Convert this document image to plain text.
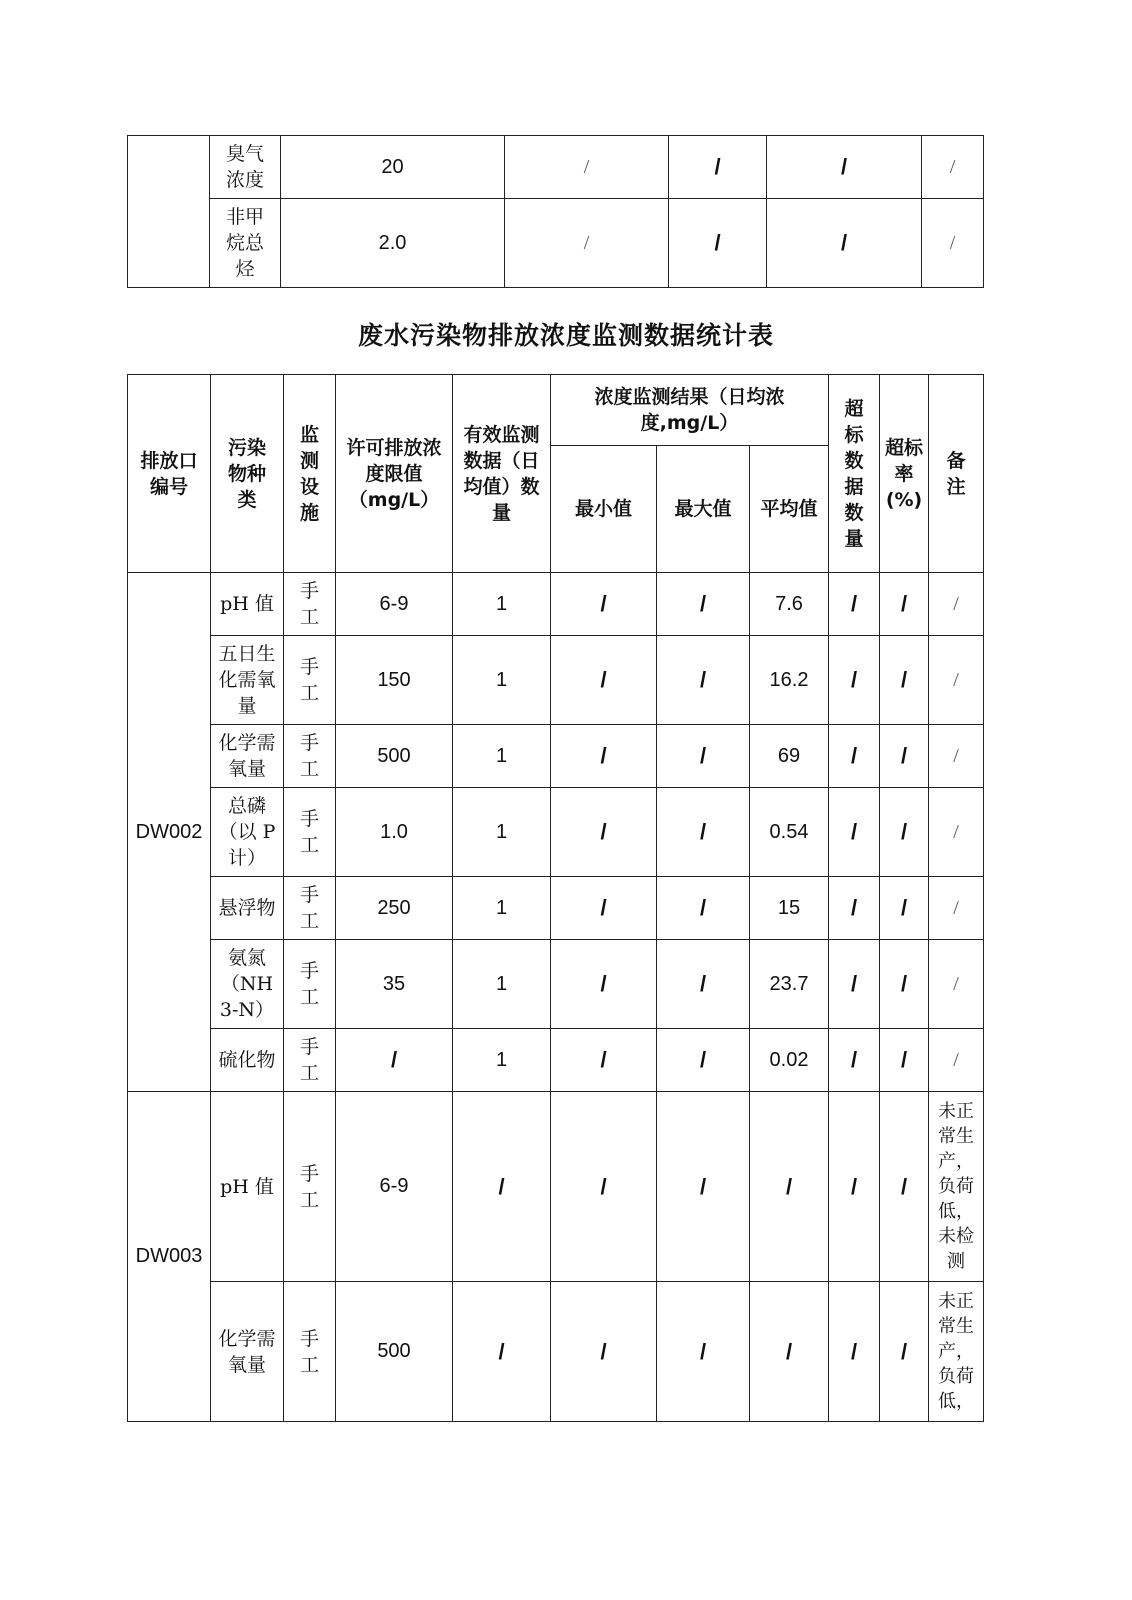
	臭气浓度	20	/	/	/	/

	非甲烷总烃	2.0	/	/	/	/
废水污染物排放浓度监测数据统计表
排放口编号	污染物种类	监测设施	许可排放浓度限值（mg/L）	有效监测数据（日均值）数量	浓度监测结果（日均浓度,mg/L）			超标数据数量	超标率(%)	备注

					最小值	最大值	平均值			
DW002	pH 值	手工	6-9	1	/	/	7.6	/	/	/

	五日生化需氧量	手工	150	1	/	/	16.2	/	/	/

	化学需氧量	手工	500	1	/	/	69	/	/	/

	总磷（以 P 计）	手工	1.0	1	/	/	0.54	/	/	/
	悬浮物	手工	250	1	/	/	15	/	/	/

	氨氮（NH3-N）	手工	35	1	/	/	23.7	/	/	/
	硫化物	手工	/	1	/	/	0.02	/	/	/
DW003	pH 值	手工	6-9	/	/	/	/	/	/	未正常生产，负荷低，未检测

	化学需氧量	手工	500	/	/	/	/	/	/	未正常生产，负荷低，
